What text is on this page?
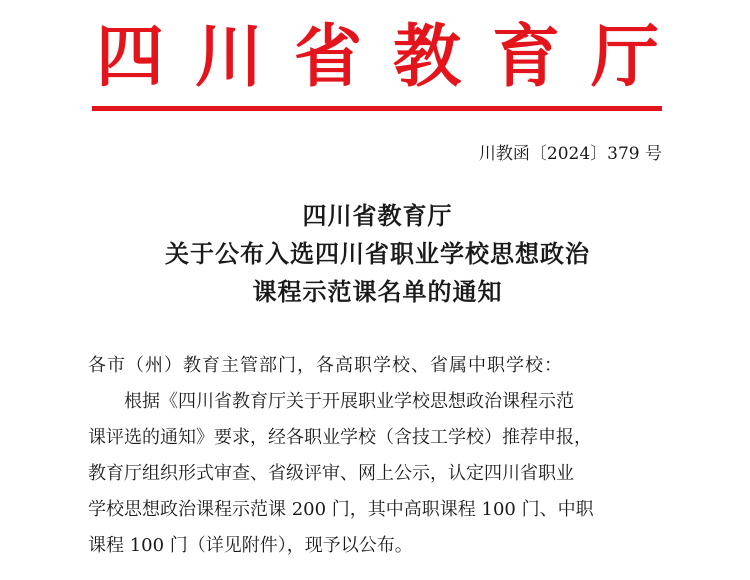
四 川 省 教 育 厅
川教函〔2024〕379 号
四川省教育厅
关于公布入选四川省职业学校思想政治
课程示范课名单的通知
各市（州）教育主管部门，各高职学校、省属中职学校：
根据《四川省教育厅关于开展职业学校思想政治课程示范
课评选的通知》要求，经各职业学校（含技工学校）推荐申报，
教育厅组织形式审查、省级评审、网上公示，认定四川省职业
学校思想政治课程示范课 200 门，其中高职课程 100 门、中职
课程 100 门（详见附件），现予以公布。
